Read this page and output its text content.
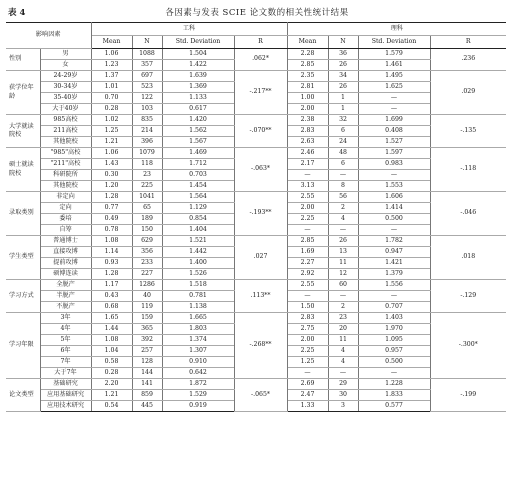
表 4	各因素与发表 SCIE 论文数的相关性统计结果
影响因素		工科				理科			
		Mean	N	Std. Deviation	R	Mean	N	Std. Deviation	R
性别	男	1.06	1088	1.504	.062*	2.28	36	1.579	.236
	女	1.23	357	1.422		2.85	26	1.461	
获学位年龄	24-29岁	1.37	697	1.639	-.217**	2.35	34	1.495	.029
	30-34岁	1.01	523	1.369		2.81	26	1.625	
	35-40岁	0.70	122	1.133		1.00	1	—	
	大于40岁	0.28	103	0.617		2.00	1	—	
大学就读院校	985高校	1.02	835	1.420	-.070**	2.38	32	1.699	-.135
	211高校	1.25	214	1.562		2.83	6	0.408	
	其他院校	1.21	396	1.567		2.63	24	1.527	
硕士就读院校	"985"高校	1.06	1079	1.469	-.063*	2.46	48	1.597	-.118
	"211"高校	1.43	118	1.712		2.17	6	0.983	
	科研院所	0.30	23	0.703		—	—	—	
	其他院校	1.20	225	1.454		3.13	8	1.553	
录取类别	非定向	1.28	1041	1.564	-.193**	2.55	56	1.606	-.046
	定向	0.77	65	1.129		2.00	2	1.414	
	委培	0.49	189	0.854		2.25	4	0.500	
	自筹	0.78	150	1.404		—	—	—	
学生类型	普通博士	1.08	629	1.521	.027	2.85	26	1.782	.018
	直接攻博	1.14	356	1.442		1.69	13	0.947	
	提前攻博	0.93	233	1.400		2.27	11	1.421	
	硕博连读	1.28	227	1.526		2.92	12	1.379	
学习方式	全脱产	1.17	1286	1.518	.113**	2.55	60	1.556	-.129
	半脱产	0.43	40	0.781		—	—	—	
	不脱产	0.68	119	1.138		1.50	2	0.707	
学习年限	3年	1.65	159	1.665	-.268**	2.83	23	1.403	-.300*
	4年	1.44	365	1.803		2.75	20	1.970	
	5年	1.08	392	1.374		2.00	11	1.095	
	6年	1.04	257	1.307		2.25	4	0.957	
	7年	0.58	128	0.910		1.25	4	0.500	
	大于7年	0.28	144	0.642		—	—	—	
论文类型	基础研究	2.20	141	1.872	-.065*	2.69	29	1.228	-.199
	应用基础研究	1.21	859	1.529		2.47	30	1.833	
	应用技术研究	0.54	445	0.919		1.33	3	0.577	
